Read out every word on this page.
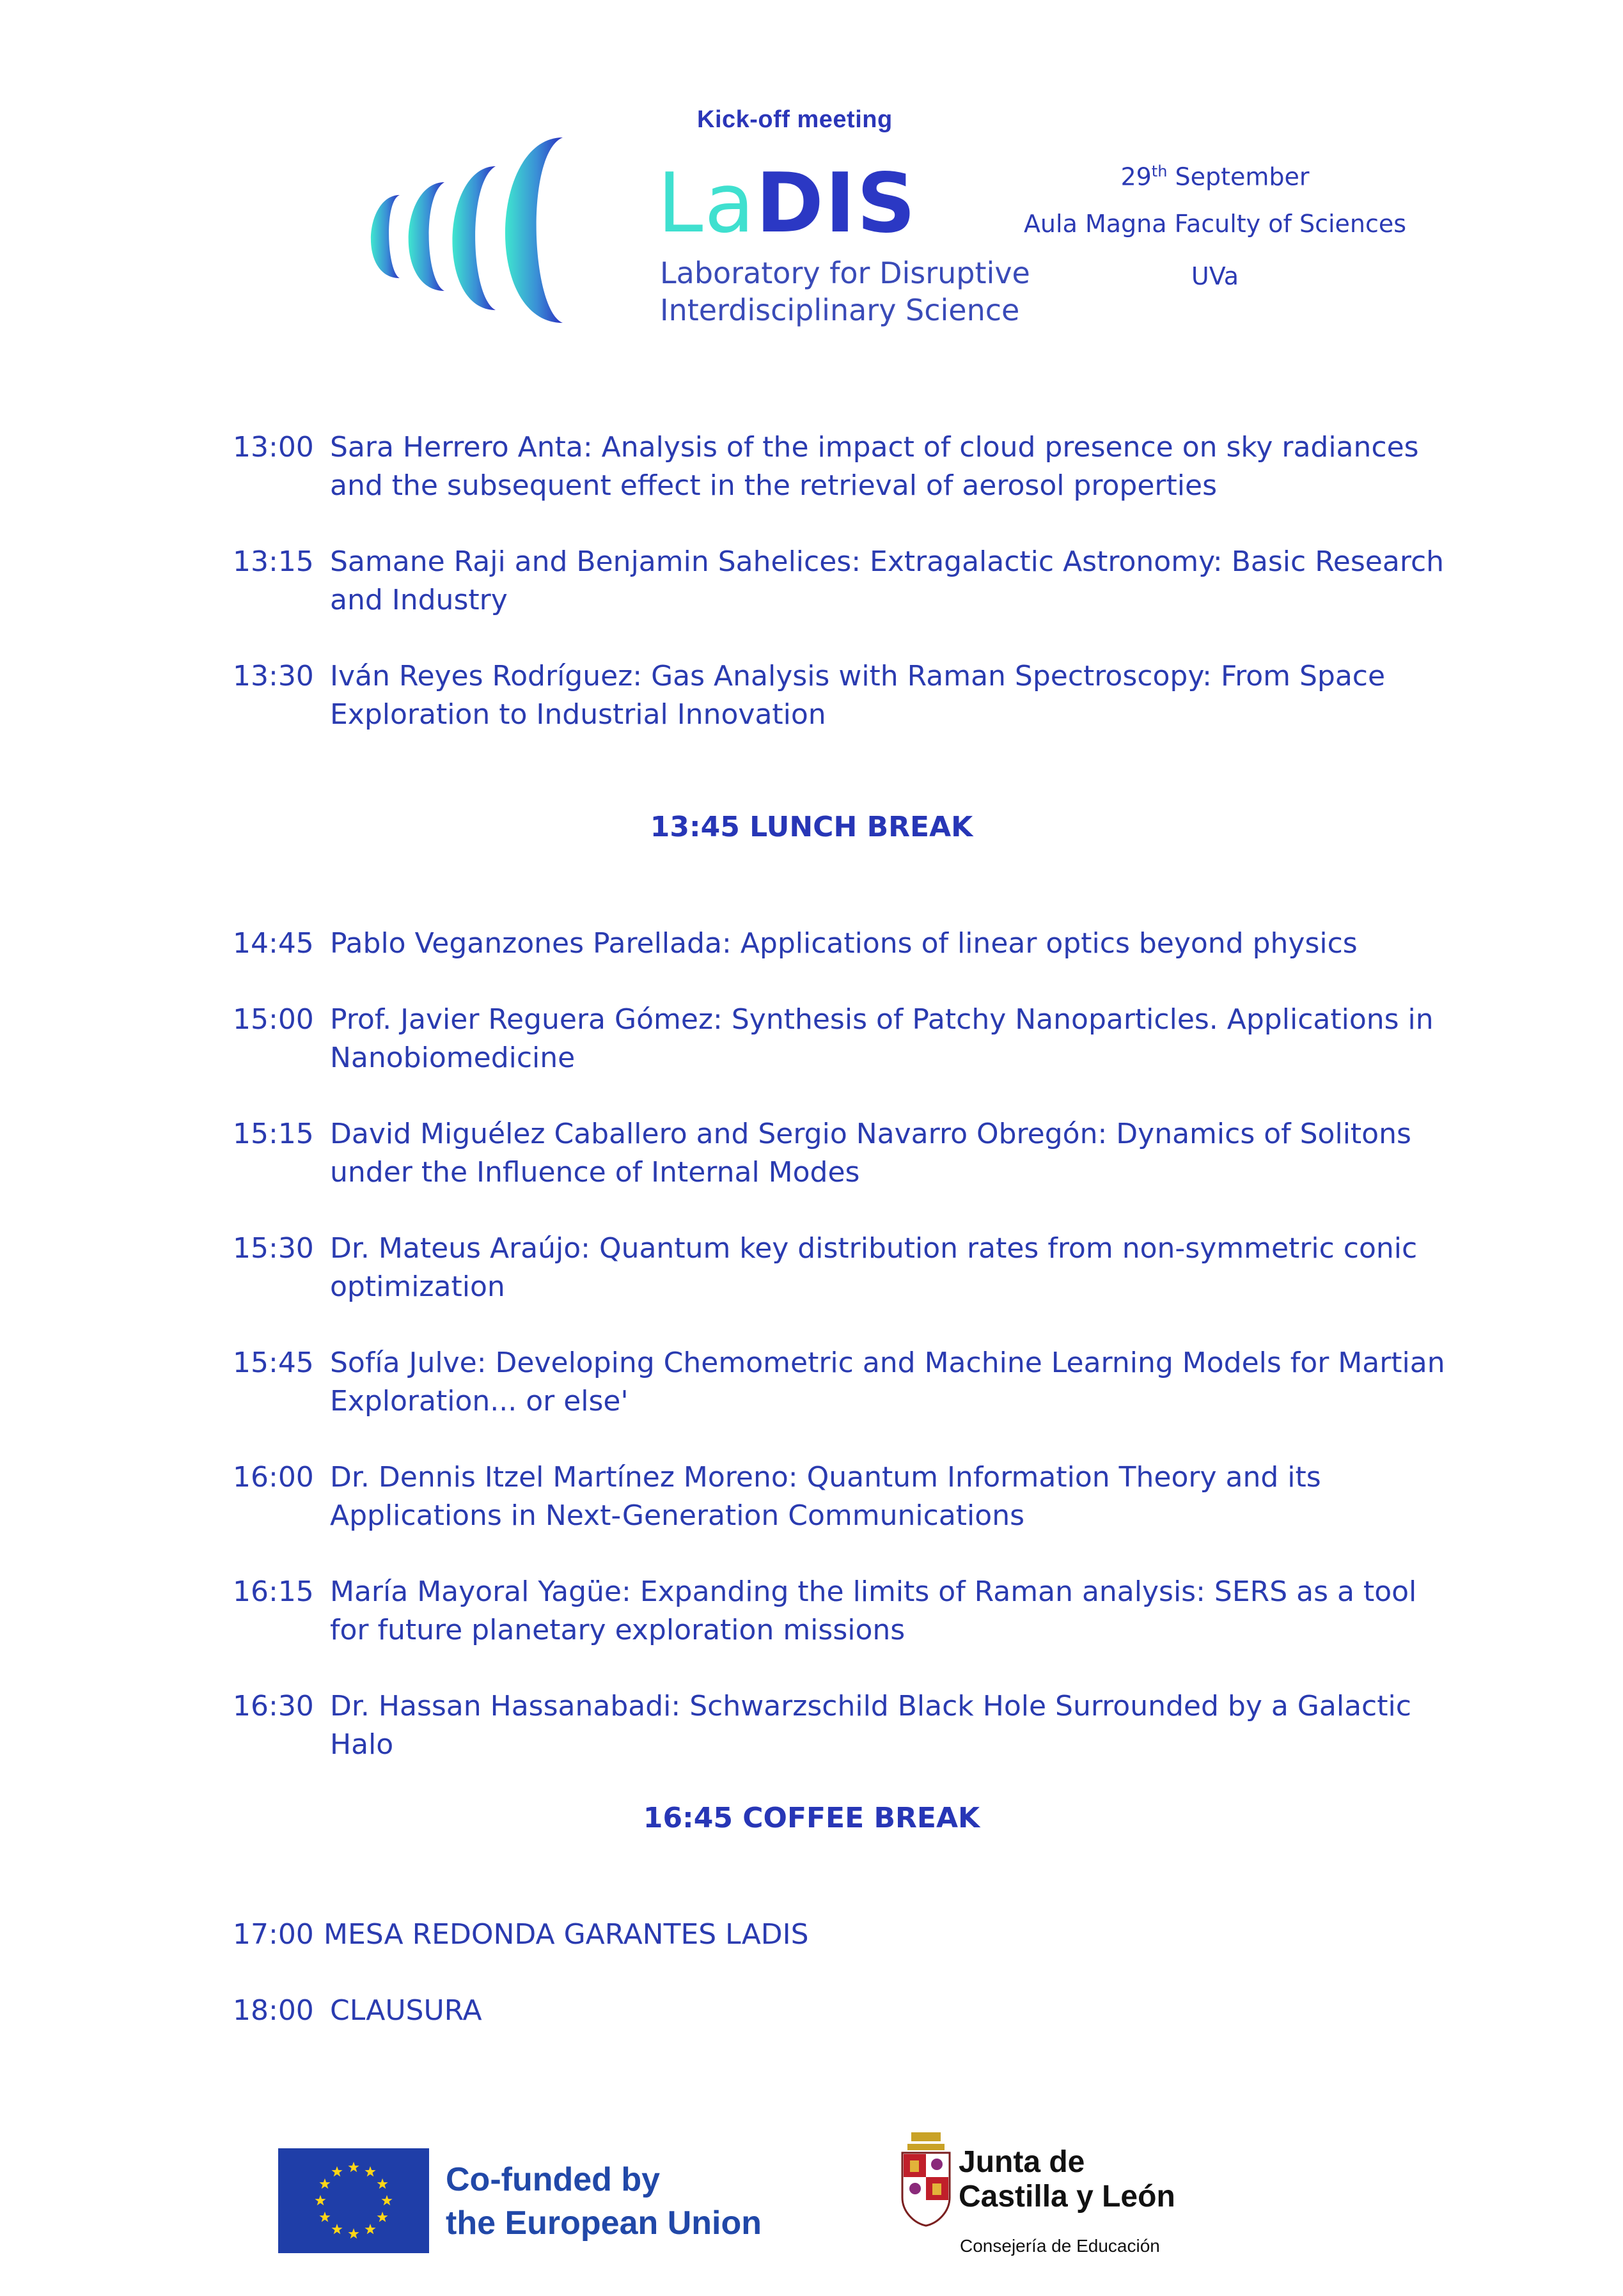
Kick-off meeting
LaDIS
Laboratory for Disruptive
Interdisciplinary Science
29th September
Aula Magna Faculty of Sciences
UVa
13:00 Sara Herrero Anta: Analysis of the impact of cloud presence on sky radiances and the subsequent effect in the retrieval of aerosol properties
13:15 Samane Raji and Benjamin Sahelices: Extragalactic Astronomy: Basic Research and Industry
13:30 Iván Reyes Rodríguez: Gas Analysis with Raman Spectroscopy: From Space Exploration to Industrial Innovation
13:45 LUNCH BREAK
14:45 Pablo Veganzones Parellada: Applications of linear optics beyond physics
15:00 Prof. Javier Reguera Gómez: Synthesis of Patchy Nanoparticles. Applications in Nanobiomedicine
15:15 David Miguélez Caballero and Sergio Navarro Obregón: Dynamics of Solitons under the Influence of Internal Modes
15:30 Dr. Mateus Araújo: Quantum key distribution rates from non-symmetric conic optimization
15:45 Sofía Julve: Developing Chemometric and Machine Learning Models for Martian Exploration... or else'
16:00 Dr. Dennis Itzel Martínez Moreno: Quantum Information Theory and its Applications in Next-Generation Communications
16:15 María Mayoral Yagüe: Expanding the limits of Raman analysis: SERS as a tool for future planetary exploration missions
16:30 Dr. Hassan Hassanabadi: Schwarzschild Black Hole Surrounded by a Galactic Halo
16:45 COFFEE BREAK
17:00 MESA REDONDA GARANTES LADIS
18:00 CLAUSURA
Co-funded by
the European Union
Junta de
Castilla y León
Consejería de Educación
